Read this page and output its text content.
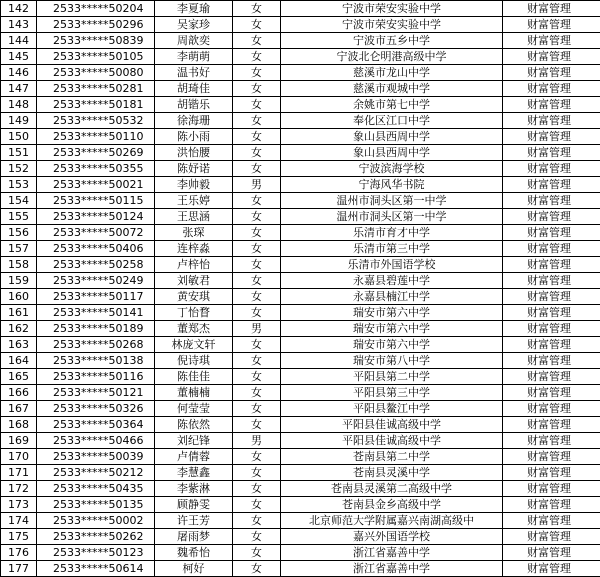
142	2533*****50204	李夏瑜	女	宁波市荣安实验中学	财富管理
143	2533*****50296	吴家珍	女	宁波市荣安实验中学	财富管理
144	2533*****50839	周歆奕	女	宁波市五乡中学	财富管理
145	2533*****50105	李萌萌	女	宁波北仑明港高级中学	财富管理
146	2533*****50080	温书好	女	慈溪市龙山中学	财富管理
147	2533*****50281	胡琦佳	女	慈溪市观城中学	财富管理
148	2533*****50181	胡锴乐	女	余姚市第七中学	财富管理
149	2533*****50532	徐海珊	女	奉化区江口中学	财富管理
150	2533*****50110	陈小雨	女	象山县西周中学	财富管理
151	2533*****50269	洪怡腰	女	象山县西周中学	财富管理
152	2533*****50355	陈妤诺	女	宁波滨海学校	财富管理
153	2533*****50021	李帅毅	男	宁海风华书院	财富管理
154	2533*****50115	王乐婷	女	温州市洞头区第一中学	财富管理
155	2533*****50124	王思涵	女	温州市洞头区第一中学	财富管理
156	2533*****50072	张琛	女	乐清市育才中学	财富管理
157	2533*****50406	连梓淼	女	乐清市第三中学	财富管理
158	2533*****50258	卢梓怡	女	乐清市外国语学校	财富管理
159	2533*****50249	刘敏君	女	永嘉县碧莲中学	财富管理
160	2533*****50117	黄安琪	女	永嘉县楠江中学	财富管理
161	2533*****50141	丁怡瞀	女	瑞安市第六中学	财富管理
162	2533*****50189	董郑杰	男	瑞安市第六中学	财富管理
163	2533*****50268	林庞文轩	女	瑞安市第六中学	财富管理
164	2533*****50138	倪诗琪	女	瑞安市第八中学	财富管理
165	2533*****50116	陈佳佳	女	平阳县第二中学	财富管理
166	2533*****50121	董楠楠	女	平阳县第三中学	财富管理
167	2533*****50326	何莹莹	女	平阳县鳌江中学	财富管理
168	2533*****50364	陈依然	女	平阳县佳诚高级中学	财富管理
169	2533*****50466	刘纪锋	男	平阳县佳诚高级中学	财富管理
170	2533*****50039	卢倩蓉	女	苍南县第二中学	财富管理
171	2533*****50212	李慧鑫	女	苍南县灵溪中学	财富管理
172	2533*****50435	李紫淋	女	苍南县灵溪第二高级中学	财富管理
173	2533*****50135	顾静雯	女	苍南县金乡高级中学	财富管理
174	2533*****50002	许王芳	女	北京师范大学附属嘉兴南湖高级中	财富管理
175	2533*****50262	屠雨梦	女	嘉兴外国语学校	财富管理
176	2533*****50123	魏希怡	女	浙江省嘉善中学	财富管理
177	2533*****50614	柯好	女	浙江省嘉善中学	财富管理
